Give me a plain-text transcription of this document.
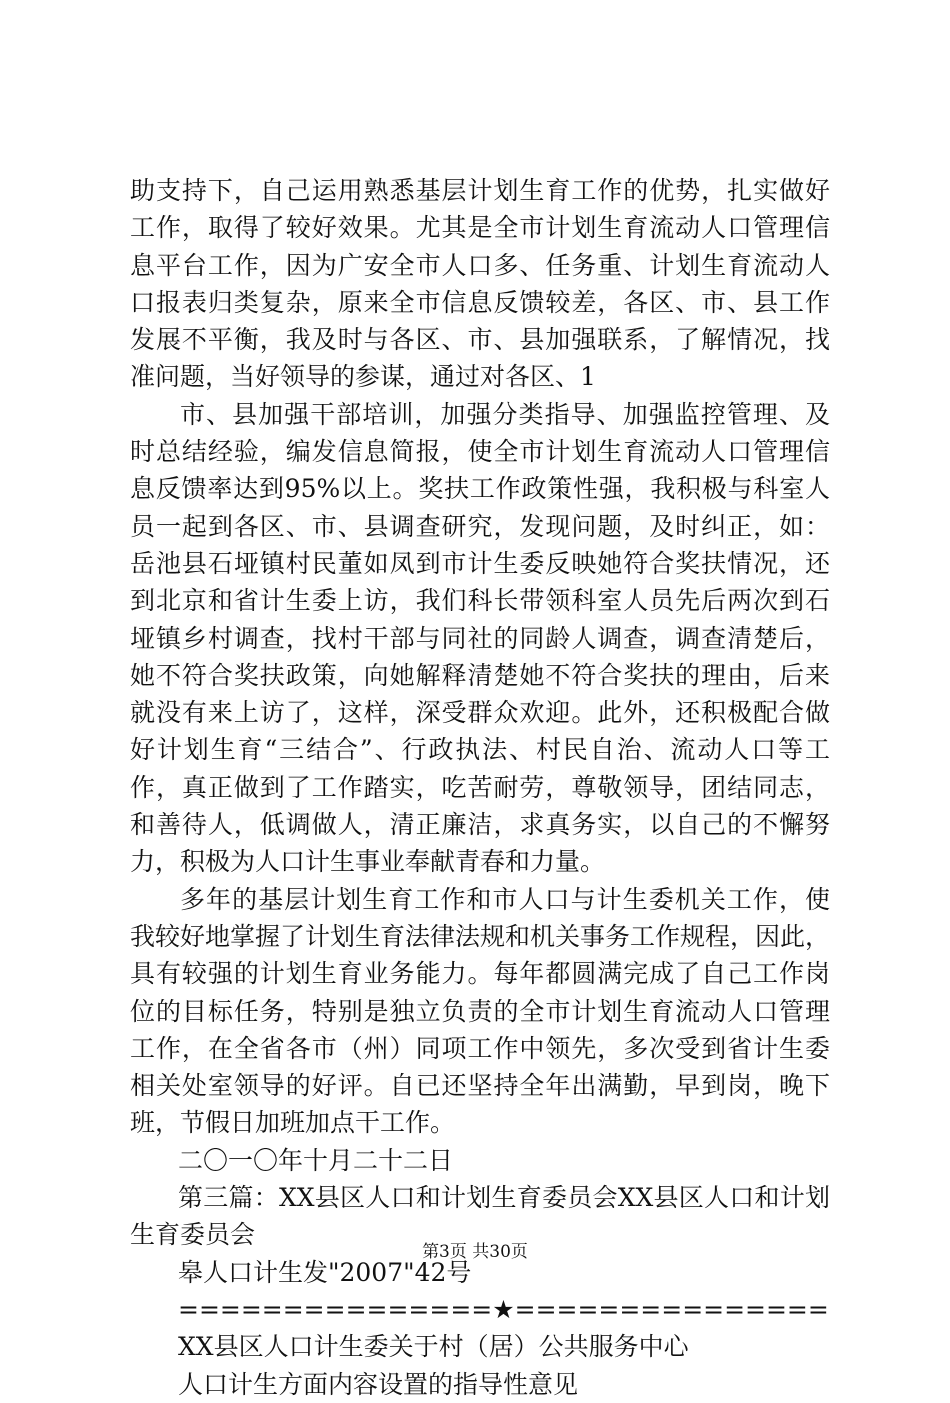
助支持下，自己运用熟悉基层计划生育工作的优势，扎实做好
工作，取得了较好效果。尤其是全市计划生育流动人口管理信
息平台工作，因为广安全市人口多、任务重、计划生育流动人
口报表归类复杂，原来全市信息反馈较差，各区、市、县工作
发展不平衡，我及时与各区、市、县加强联系，了解情况，找
准问题，当好领导的参谋，通过对各区、1
市、县加强干部培训，加强分类指导、加强监控管理、及
时总结经验，编发信息简报，使全市计划生育流动人口管理信
息反馈率达到95%以上。奖扶工作政策性强，我积极与科室人
员一起到各区、市、县调查研究，发现问题，及时纠正，如：
岳池县石垭镇村民董如凤到市计生委反映她符合奖扶情况，还
到北京和省计生委上访，我们科长带领科室人员先后两次到石
垭镇乡村调查，找村干部与同社的同龄人调查，调查清楚后，
她不符合奖扶政策，向她解释清楚她不符合奖扶的理由，后来
就没有来上访了，这样，深受群众欢迎。此外，还积极配合做
好计划生育“三结合”、行政执法、村民自治、流动人口等工
作，真正做到了工作踏实，吃苦耐劳，尊敬领导，团结同志，
和善待人，低调做人，清正廉洁，求真务实，以自己的不懈努
力，积极为人口计生事业奉献青春和力量。
多年的基层计划生育工作和市人口与计生委机关工作，使
我较好地掌握了计划生育法律法规和机关事务工作规程，因此，
具有较强的计划生育业务能力。每年都圆满完成了自己工作岗
位的目标任务，特别是独立负责的全市计划生育流动人口管理
工作，在全省各市（州）同项工作中领先，多次受到省计生委
相关处室领导的好评。自已还坚持全年出满勤，早到岗，晚下
班，节假日加班加点干工作。
二〇一〇年十月二十二日
第三篇：XX县区人口和计划生育委员会XX县区人口和计划
生育委员会
皋人口计生发"2007"42号
===============★===============
XX县区人口计生委关于村（居）公共服务中心
人口计生方面内容设置的指导性意见
第3页 共30页
